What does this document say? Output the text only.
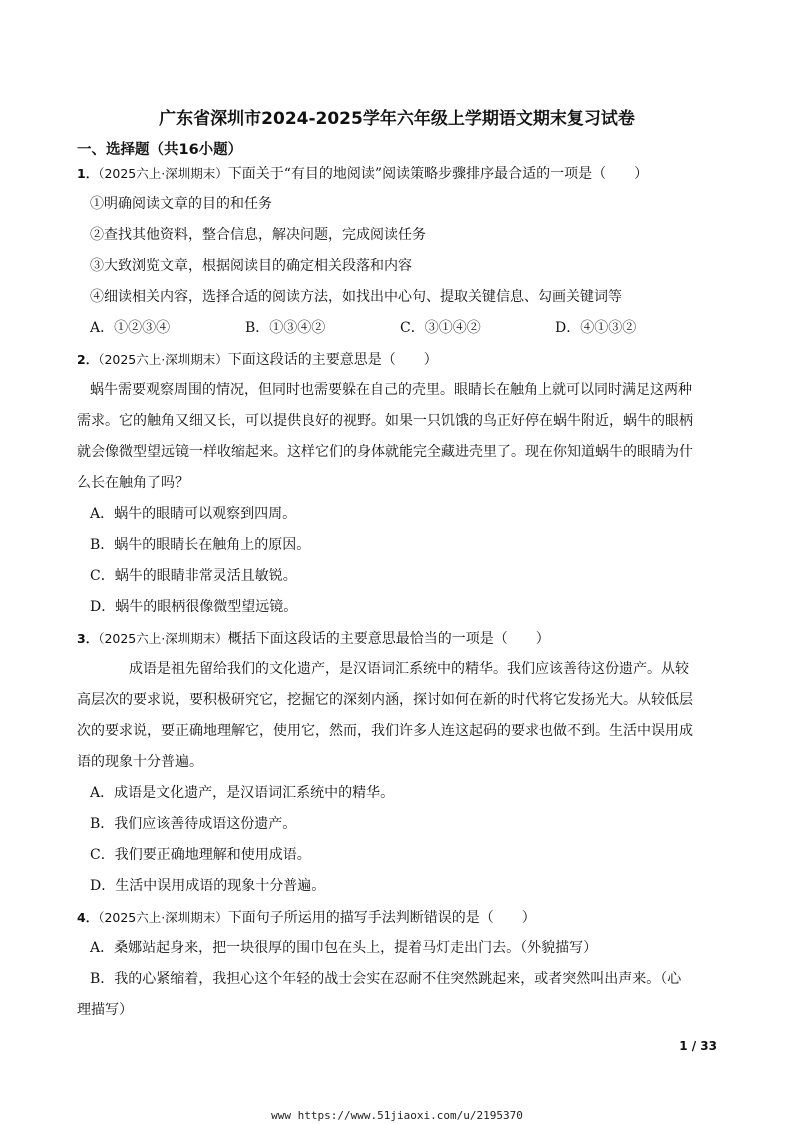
广东省深圳市2024-2025学年六年级上学期语文期末复习试卷
一、选择题（共16小题）
1．（2025六上·深圳期末）下面关于“有目的地阅读”阅读策略步骤排序最合适的一项是（　　）
①明确阅读文章的目的和任务
②查找其他资料，整合信息，解决问题，完成阅读任务
③大致浏览文章，根据阅读目的确定相关段落和内容
④细读相关内容，选择合适的阅读方法，如找出中心句、提取关键信息、勾画关键词等
A．①②③④	B．①③④②	C．③①④②	D．④①③②
2．（2025六上·深圳期末）下面这段话的主要意思是（　　）
蜗牛需要观察周围的情况，但同时也需要躲在自己的壳里。眼睛长在触角上就可以同时满足这两种
需求。它的触角又细又长，可以提供良好的视野。如果一只饥饿的鸟正好停在蜗牛附近，蜗牛的眼柄
就会像微型望远镜一样收缩起来。这样它们的身体就能完全藏进壳里了。现在你知道蜗牛的眼睛为什
么长在触角了吗？
A．蜗牛的眼睛可以观察到四周。
B．蜗牛的眼睛长在触角上的原因。
C．蜗牛的眼睛非常灵活且敏锐。
D．蜗牛的眼柄很像微型望远镜。
3．（2025六上·深圳期末）概括下面这段话的主要意思最恰当的一项是（　　）
成语是祖先留给我们的文化遗产，是汉语词汇系统中的精华。我们应该善待这份遗产。从较
高层次的要求说，要积极研究它，挖掘它的深刻内涵，探讨如何在新的时代将它发扬光大。从较低层
次的要求说，要正确地理解它，使用它，然而，我们许多人连这起码的要求也做不到。生活中误用成
语的现象十分普遍。
A．成语是文化遗产，是汉语词汇系统中的精华。
B．我们应该善待成语这份遗产。
C．我们要正确地理解和使用成语。
D．生活中误用成语的现象十分普遍。
4．（2025六上·深圳期末）下面句子所运用的描写手法判断错误的是（　　）
A．桑娜站起身来，把一块很厚的围巾包在头上，提着马灯走出门去。（外貌描写）
B．我的心紧缩着，我担心这个年轻的战士会实在忍耐不住突然跳起来，或者突然叫出声来。（心
理描写）
1 / 33
www https://www.51jiaoxi.com/u/2195370
